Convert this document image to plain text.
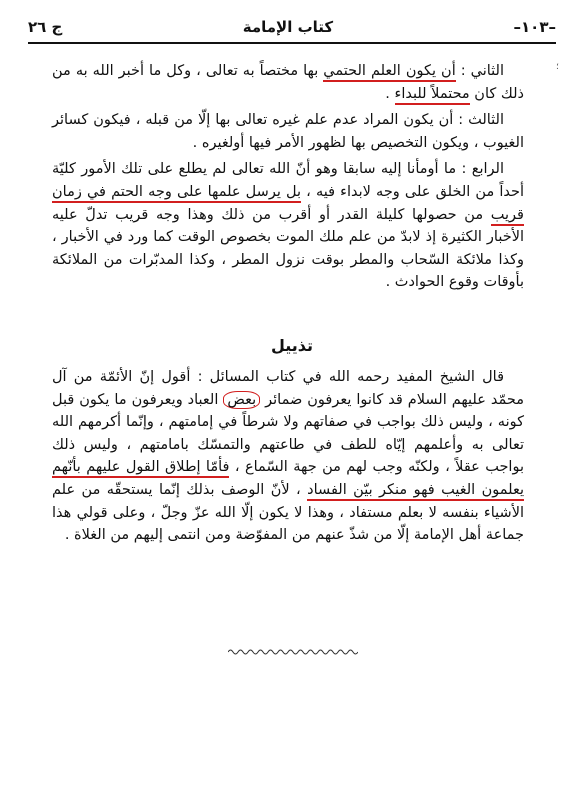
–١٠٣–
كتاب الإمامة
ج ٢٦
؛

الثاني : أن يكون العلم الحتمي بها مختصاً به تعالى ، وكل ما أخبر الله به من ذلك كان محتملاً للبداء .

الثالث : أن يكون المراد عدم علم غيره تعالى بها إلّا من قبله ، فيكون كسائر الغيوب ، ويكون التخصيص بها لظهور الأمر فيها أولغيره .

الرابع : ما أومأنا إليه سابقا وهو أنّ الله تعالى لم يطلع على تلك الأمور كليّة أحداً من الخلق على وجه لابداء فيه ، بل يرسل علمها على وجه الحتم في زمان قريب من حصولها كليلة القدر أو أقرب من ذلك وهذا وجه قريب تدلّ عليه الأخبار الكثيرة إذ لابدّ من علم ملك الموت بخصوص الوقت كما ورد في الأخبار ، وكذا ملائكة السّحاب والمطر بوقت نزول المطر ، وكذا المدبّرات من الملائكة بأوقات وقوع الحوادث .

تذييل

قال الشيخ المفيد رحمه الله في كتاب المسائل : أقول إنّ الأئمّة من آل محمّد عليهم السلام قد كانوا يعرفون ضمائر بعض العباد ويعرفون ما يكون قبل كونه ، وليس ذلك بواجب في صفاتهم ولا شرطاً في إمامتهم ، وإنّما أكرمهم الله تعالى به وأعلمهم إيّاه للطف في طاعتهم والتمسّك بامامتهم ، وليس ذلك بواجب عقلاً ، ولكنّه وجب لهم من جهة السّماع ، فأمّا إطلاق القول عليهم بأنّهم يعلمون الغيب فهو منكر بيّن الفساد ، لأنّ الوصف بذلك إنّما يستحقّه من علم الأشياء بنفسه لا بعلم مستفاد ، وهذا لا يكون إلّا الله عزّ وجلّ ، وعلى قولي هذا جماعة أهل الإمامة إلّا من شذّ عنهم من المفوّضة ومن انتمى إليهم من الغلاة .
